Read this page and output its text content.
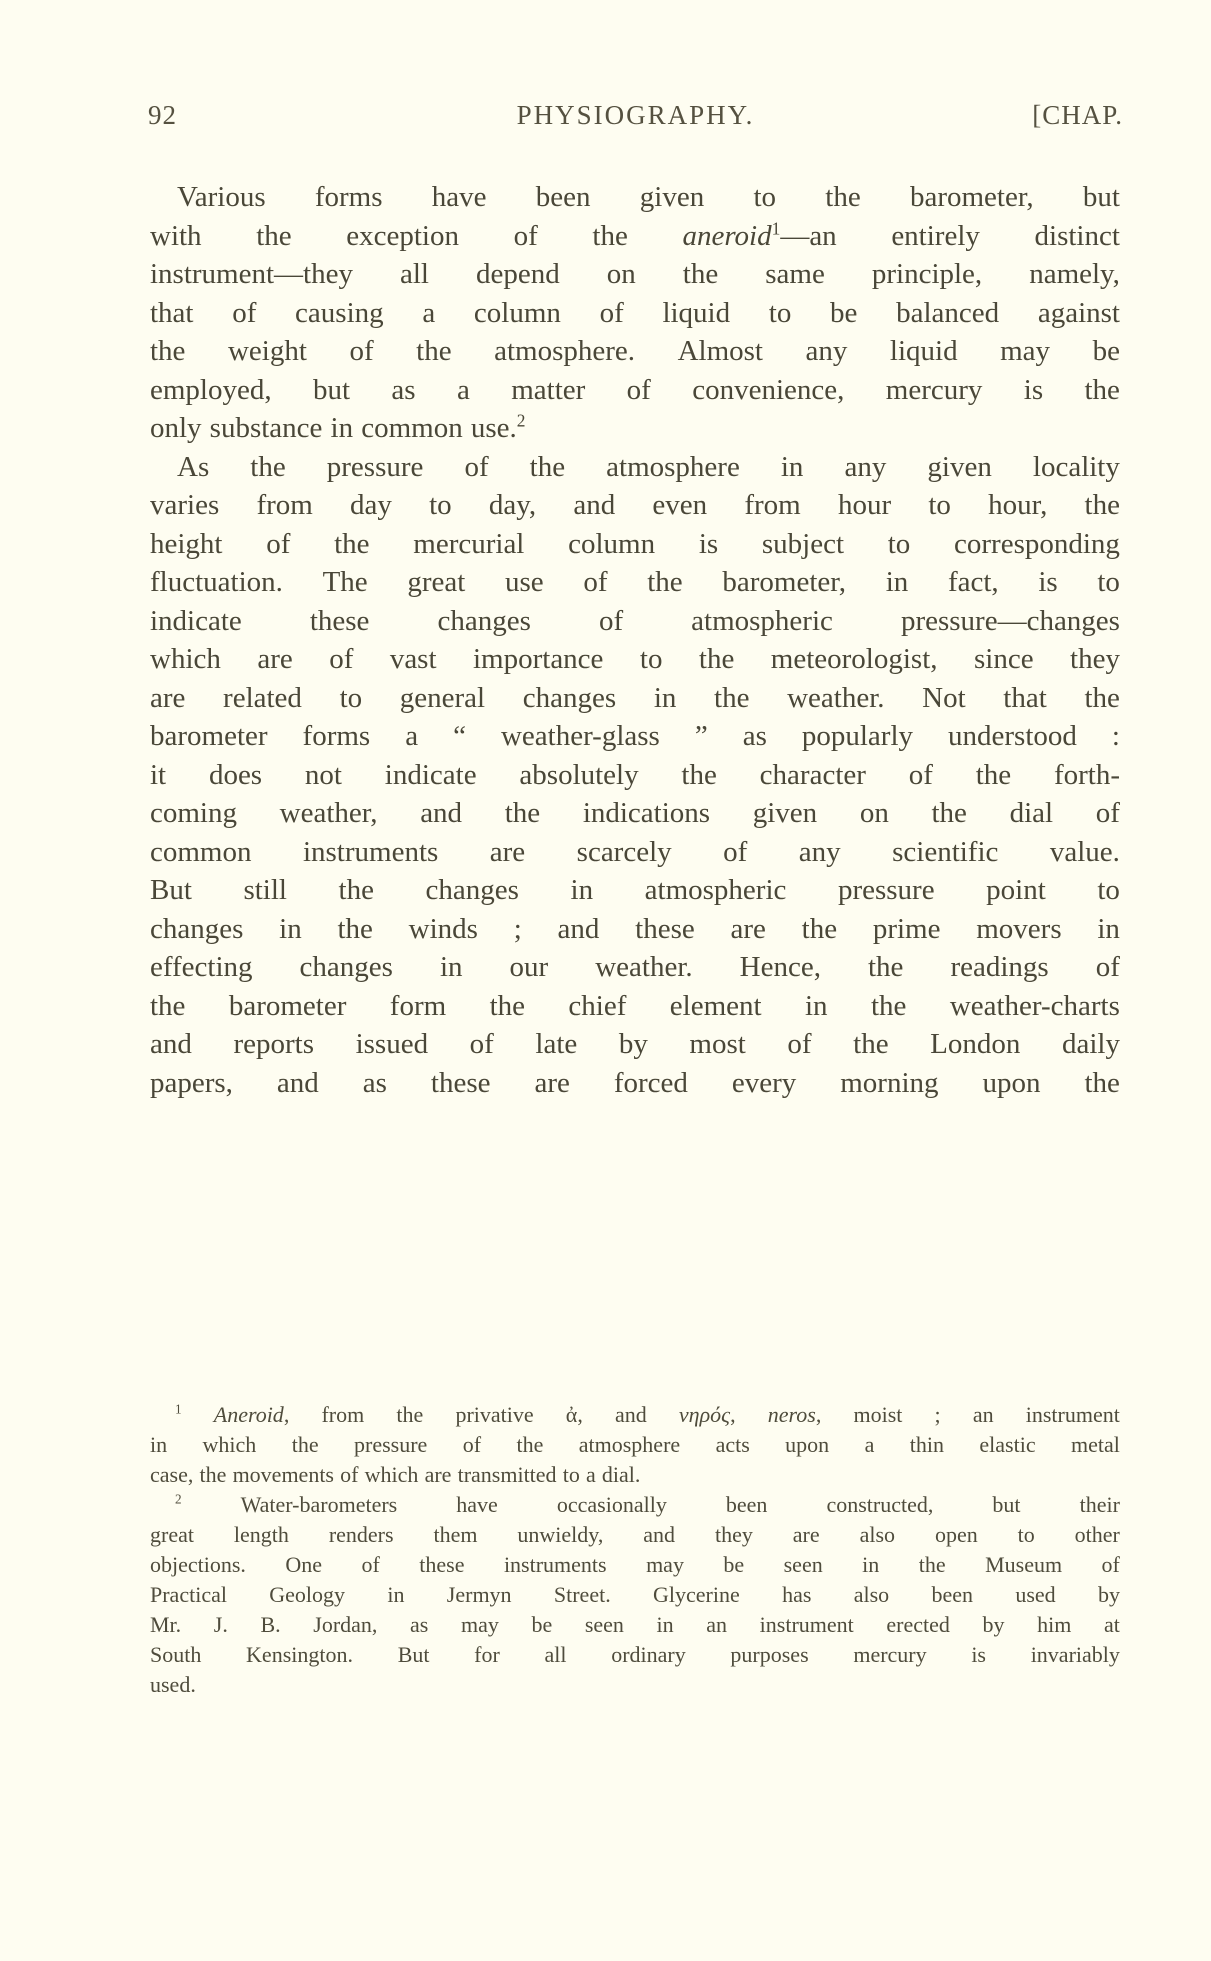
92	PHYSIOGRAPHY.	[CHAP.
Various forms have been given to the barometer, but
with the exception of the aneroid$^1$—an entirely distinct
instrument—they all depend on the same principle, namely,
that of causing a column of liquid to be balanced against
the weight of the atmosphere. Almost any liquid may be
employed, but as a matter of convenience, mercury is the
only substance in common use.$^2$
As the pressure of the atmosphere in any given locality
varies from day to day, and even from hour to hour, the
height of the mercurial column is subject to corresponding
fluctuation. The great use of the barometer, in fact, is to
indicate these changes of atmospheric pressure—changes
which are of vast importance to the meteorologist, since they
are related to general changes in the weather. Not that the
barometer forms a “ weather-glass ” as popularly understood :
it does not indicate absolutely the character of the forth-
coming weather, and the indications given on the dial of
common instruments are scarcely of any scientific value.
But still the changes in atmospheric pressure point to
changes in the winds ; and these are the prime movers in
effecting changes in our weather. Hence, the readings of
the barometer form the chief element in the weather-charts
and reports issued of late by most of the London daily
papers, and as these are forced every morning upon the
$^1$ Aneroid, from the privative ἀ, and νηρός, neros, moist ; an instrument
in which the pressure of the atmosphere acts upon a thin elastic metal
case, the movements of which are transmitted to a dial.
$^2$	Water-barometers	have	occasionally	been	constructed,	but	their
great length renders them unwieldy, and they are also open to other
objections. One of these instruments may be seen in the Museum of
Practical Geology in Jermyn Street. Glycerine has also been used by
Mr. J. B. Jordan, as may be seen in an instrument erected by him at
South Kensington. But for all ordinary purposes mercury is invariably
used.
